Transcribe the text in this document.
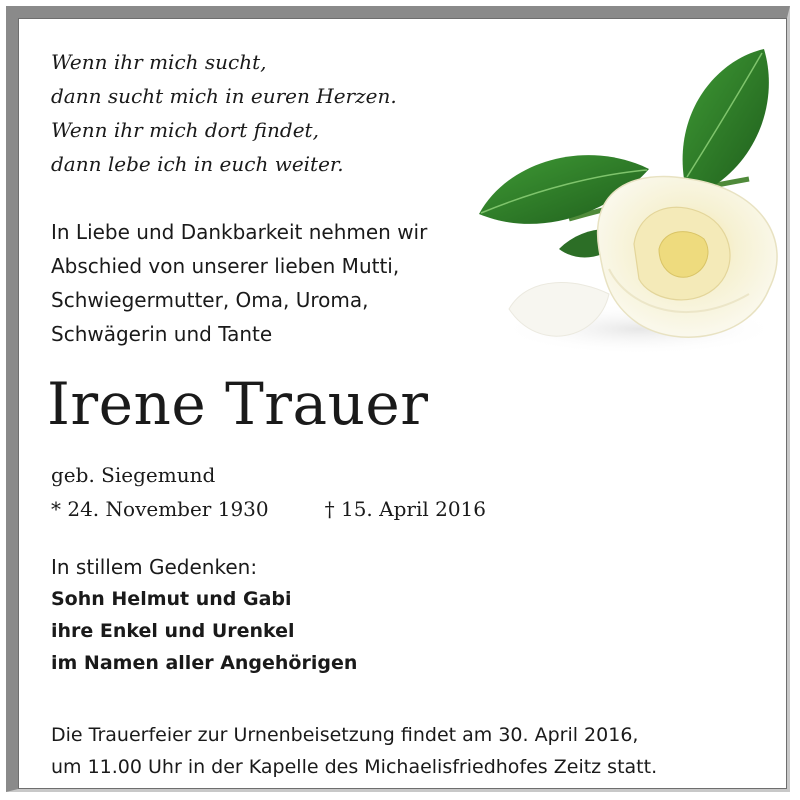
Wenn ihr mich sucht,
dann sucht mich in euren Herzen.
Wenn ihr mich dort findet,
dann lebe ich in euch weiter.
In Liebe und Dankbarkeit nehmen wir
Abschied von unserer lieben Mutti,
Schwiegermutter, Oma, Uroma,
Schwägerin und Tante
Irene Trauer
geb. Siegemund
* 24. November 1930	† 15. April 2016
In stillem Gedenken:
Sohn Helmut und Gabi
ihre Enkel und Urenkel
im Namen aller Angehörigen
Die Trauerfeier zur Urnenbeisetzung findet am 30. April 2016,
um 11.00 Uhr in der Kapelle des Michaelisfriedhofes Zeitz statt.
